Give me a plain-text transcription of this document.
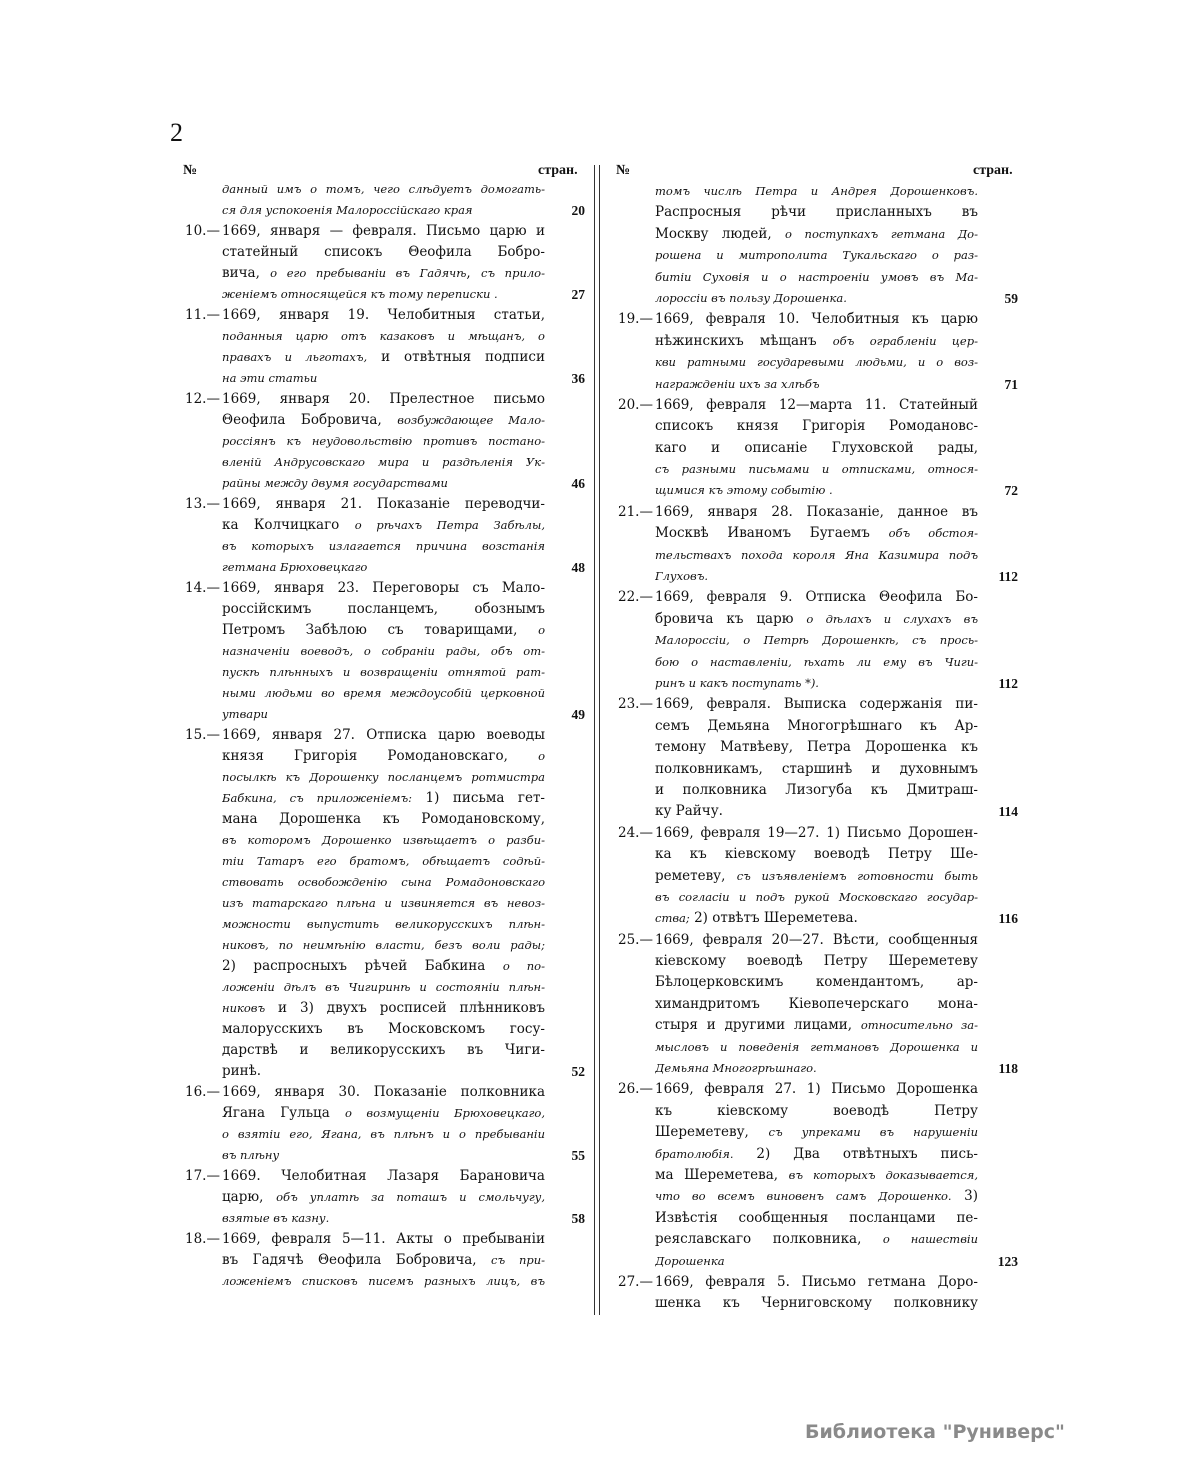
2
№	стран.	№	стран.
данный имъ о томъ, чего слѣдуетъ домогать-
ся для успокоенія Малороссійскаго края	20
10.— 1669, января — февраля. Письмо царю и
статейный списокъ Θеофила Бобро-
вича, о его пребываніи въ Гадячѣ, съ прило-
женіемъ относящейся къ тому переписки .	27
11.— 1669, января 19. Челобитныя статьи,
поданныя царю отъ казаковъ и мѣщанъ, о
правахъ и льготахъ, и отвѣтныя подписи
на эти статьи	36
12.— 1669, января 20. Прелестное письмо
Θеофила Бобровича, возбуждающее Мало-
россіянъ къ неудовольствію противъ постано-
вленій Андрусовскаго мира и раздѣленія Ук-
райны между двумя государствами	46
13.— 1669, января 21. Показаніе переводчи-
ка Колчицкаго о рѣчахъ Петра Забѣлы,
въ которыхъ излагается причина возстанія
гетмана Брюховецкаго	48
14.— 1669, января 23. Переговоры съ Мало-
россійскимъ посланцемъ, обознымъ
Петромъ Забѣлою съ товарищами, о
назначеніи воеводъ, о собраніи рады, объ от-
пускѣ плѣнныхъ и возвращеніи отнятой рат-
ными людьми во время междоусобій церковной
утвари	49
15.— 1669, января 27. Отписка царю воеводы
князя Григорія Ромодановскаго, о
посылкѣ къ Дорошенку посланцемъ ротмистра
Бабкина, съ приложеніемъ: 1) письма гет-
мана Дорошенка къ Ромодановскому,
въ которомъ Дорошенко извѣщаетъ о разби-
тіи Татаръ его братомъ, обѣщаетъ содѣй-
ствовать освобожденію сына Ромадоновскаго
изъ татарскаго плѣна и извиняется въ невоз-
можности выпустить великорусскихъ плѣн-
никовъ, по неимѣнію власти, безъ воли рады;
2) распросныхъ рѣчей Бабкина о по-
ложеніи дѣлъ въ Чигиринѣ и состояніи плѣн-
никовъ и 3) двухъ росписей плѣнниковъ
малорусскихъ въ Московскомъ госу-
дарствѣ и великорусскихъ въ Чиги-
ринѣ.	52
16.— 1669, января 30. Показаніе полковника
Ягана Гульца о возмущеніи Брюховецкаго,
о взятіи его, Ягана, въ плѣнъ и о пребываніи
въ плѣну	55
17.— 1669. Челобитная Лазаря Барановича
царю, объ уплатѣ за поташъ и смольчугу,
взятые въ казну.	58
18.— 1669, февраля 5—11. Акты о пребываніи
въ Гадячѣ Θеофила Бобровича, съ при-
ложеніемъ списковъ писемъ разныхъ лицъ, въ
томъ числѣ Петра и Андрея Дорошенковъ.
Распросныя рѣчи присланныхъ въ
Москву людей, о поступкахъ гетмана До-
рошена и митрополита Тукальскаго о раз-
битіи Суховія и о настроеніи умовъ въ Ма-
лороссіи въ пользу Дорошенка.	59
19.— 1669, февраля 10. Челобитныя къ царю
нѣжинскихъ мѣщанъ объ ограбленіи цер-
кви ратными государевыми людьми, и о воз-
награжденіи ихъ за хлѣбъ	71
20.— 1669, февраля 12—марта 11. Статейный
списокъ князя Григорія Ромодановс-
каго и описаніе Глуховской рады,
съ разными письмами и отписками, относя-
щимися къ этому событію .	72
21.— 1669, января 28. Показаніе, данное въ
Москвѣ Иваномъ Бугаемъ объ обстоя-
тельствахъ похода короля Яна Казимира подъ
Глуховъ.	112
22.— 1669, февраля 9. Отписка Θеофила Бо-
бровича къ царю о дѣлахъ и слухахъ въ
Малороссіи, о Петрѣ Дорошенкѣ, съ прось-
бою о наставленіи, ѣхать ли ему въ Чиги-
ринъ и какъ поступать *).	112
23.— 1669, февраля. Выписка содержанія пи-
семъ Демьяна Многогрѣшнаго къ Ар-
темону Матвѣеву, Петра Дорошенка къ
полковникамъ, старшинѣ и духовнымъ
и полковника Лизогуба къ Дмитраш-
ку Райчу.	114
24.— 1669, февраля 19—27. 1) Письмо Дорошен-
ка къ кіевскому воеводѣ Петру Ше-
реметеву, съ изъявленіемъ готовности быть
въ согласіи и подъ рукой Московскаго государ-
ства; 2) отвѣтъ Шереметева.	116
25.— 1669, февраля 20—27. Вѣсти, сообщенныя
кіевскому воеводѣ Петру Шереметеву
Бѣлоцерковскимъ комендантомъ, ар-
химандритомъ Кіевопечерскаго мона-
стыря и другими лицами, относительно за-
мысловъ и поведенія гетмановъ Дорошенка и
Демьяна Многогрѣшнаго.	118
26.— 1669, февраля 27. 1) Письмо Дорошенка
къ кіевскому воеводѣ Петру
Шереметеву, съ упреками въ нарушеніи
братолюбія. 2) Два отвѣтныхъ пись-
ма Шереметева, въ которыхъ доказывается,
что во всемъ виновенъ самъ Дорошенко. 3)
Извѣстія сообщенныя посланцами пе-
реяславскаго полковника, о нашествіи
Дорошенка	123
27.— 1669, февраля 5. Письмо гетмана Доро-
шенка къ Черниговскому полковнику
Библиотека "Руниверс"
